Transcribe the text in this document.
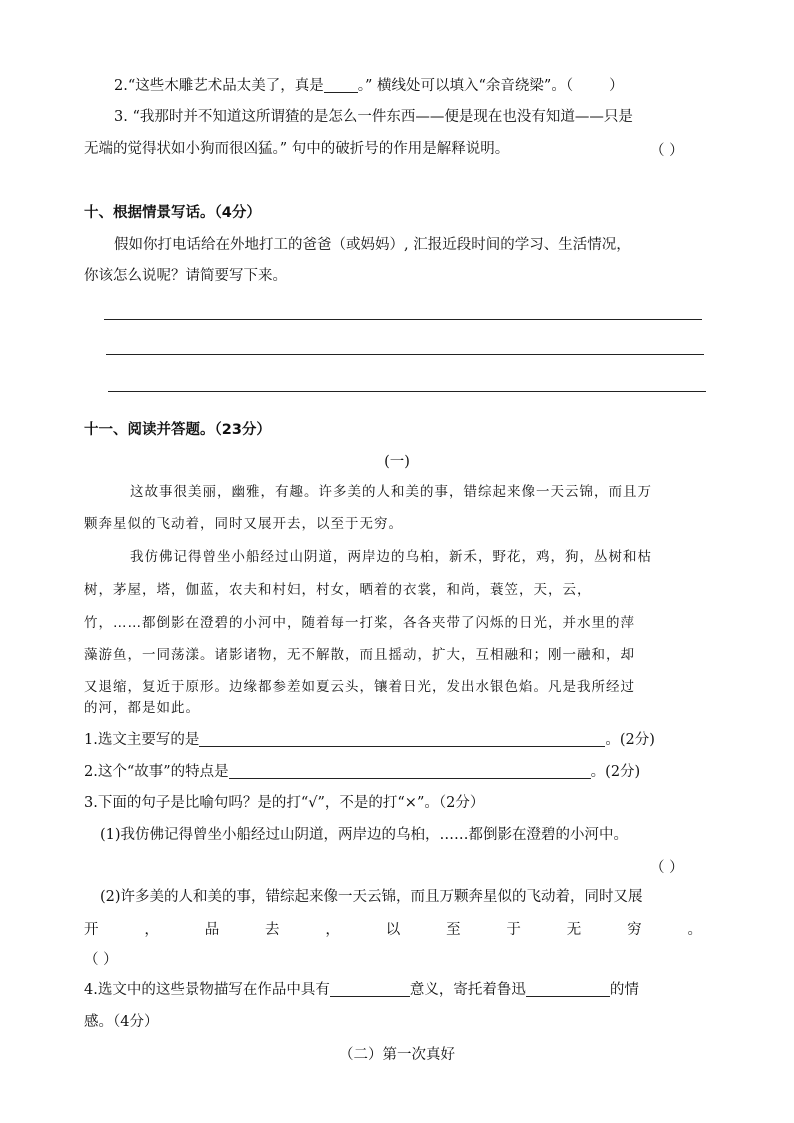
2.“这些木雕艺术品太美了，真是 。” 横线处可以填入“余音绕梁”。（ ）
3. “我那时并不知道这所谓猹的是怎么一件东西——便是现在也没有知道——只是
无端的觉得状如小狗而很凶猛。” 句中的破折号的作用是解释说明。	（ ）
十、根据情景写话。（4分）
假如你打电话给在外地打工的爸爸（或妈妈）, 汇报近段时间的学习、生活情况，
你该怎么说呢？请简要写下来。
十一、阅读并答题。（23分）
(一)
这故事很美丽，幽雅，有趣。许多美的人和美的事，错综起来像一天云锦，而且万
颗奔星似的飞动着，同时又展开去，以至于无穷。
我仿佛记得曾坐小船经过山阴道，两岸边的乌桕，新禾，野花，鸡，狗，丛树和枯
树，茅屋，塔，伽蓝，农夫和村妇，村女，晒着的衣裳，和尚，蓑笠，天，云，
竹，……都倒影在澄碧的小河中，随着每一打桨，各各夹带了闪烁的日光，并水里的萍
藻游鱼，一同荡漾。诸影诸物，无不解散，而且摇动，扩大，互相融和；刚一融和，却
又退缩，复近于原形。边缘都参差如夏云头，镶着日光，发出水银色焰。凡是我所经过
的河，都是如此。
1.选文主要写的是	。(2分)
2.这个“故事”的特点是	。(2分)
3.下面的句子是比喻句吗？是的打“√”，不是的打“×”。（2分）
(1)我仿佛记得曾坐小船经过山阴道，两岸边的乌桕，……都倒影在澄碧的小河中。
（ ）
(2)许多美的人和美的事，错综起来像一天云锦，而且万颗奔星似的飞动着，同时又展
开	，	品	去	，	以	至	于	无	穷	。
（ ）
4.选文中的这些景物描写在作品中具有	意义，寄托着鲁迅	的情
感。（4分）
（二）第一次真好
